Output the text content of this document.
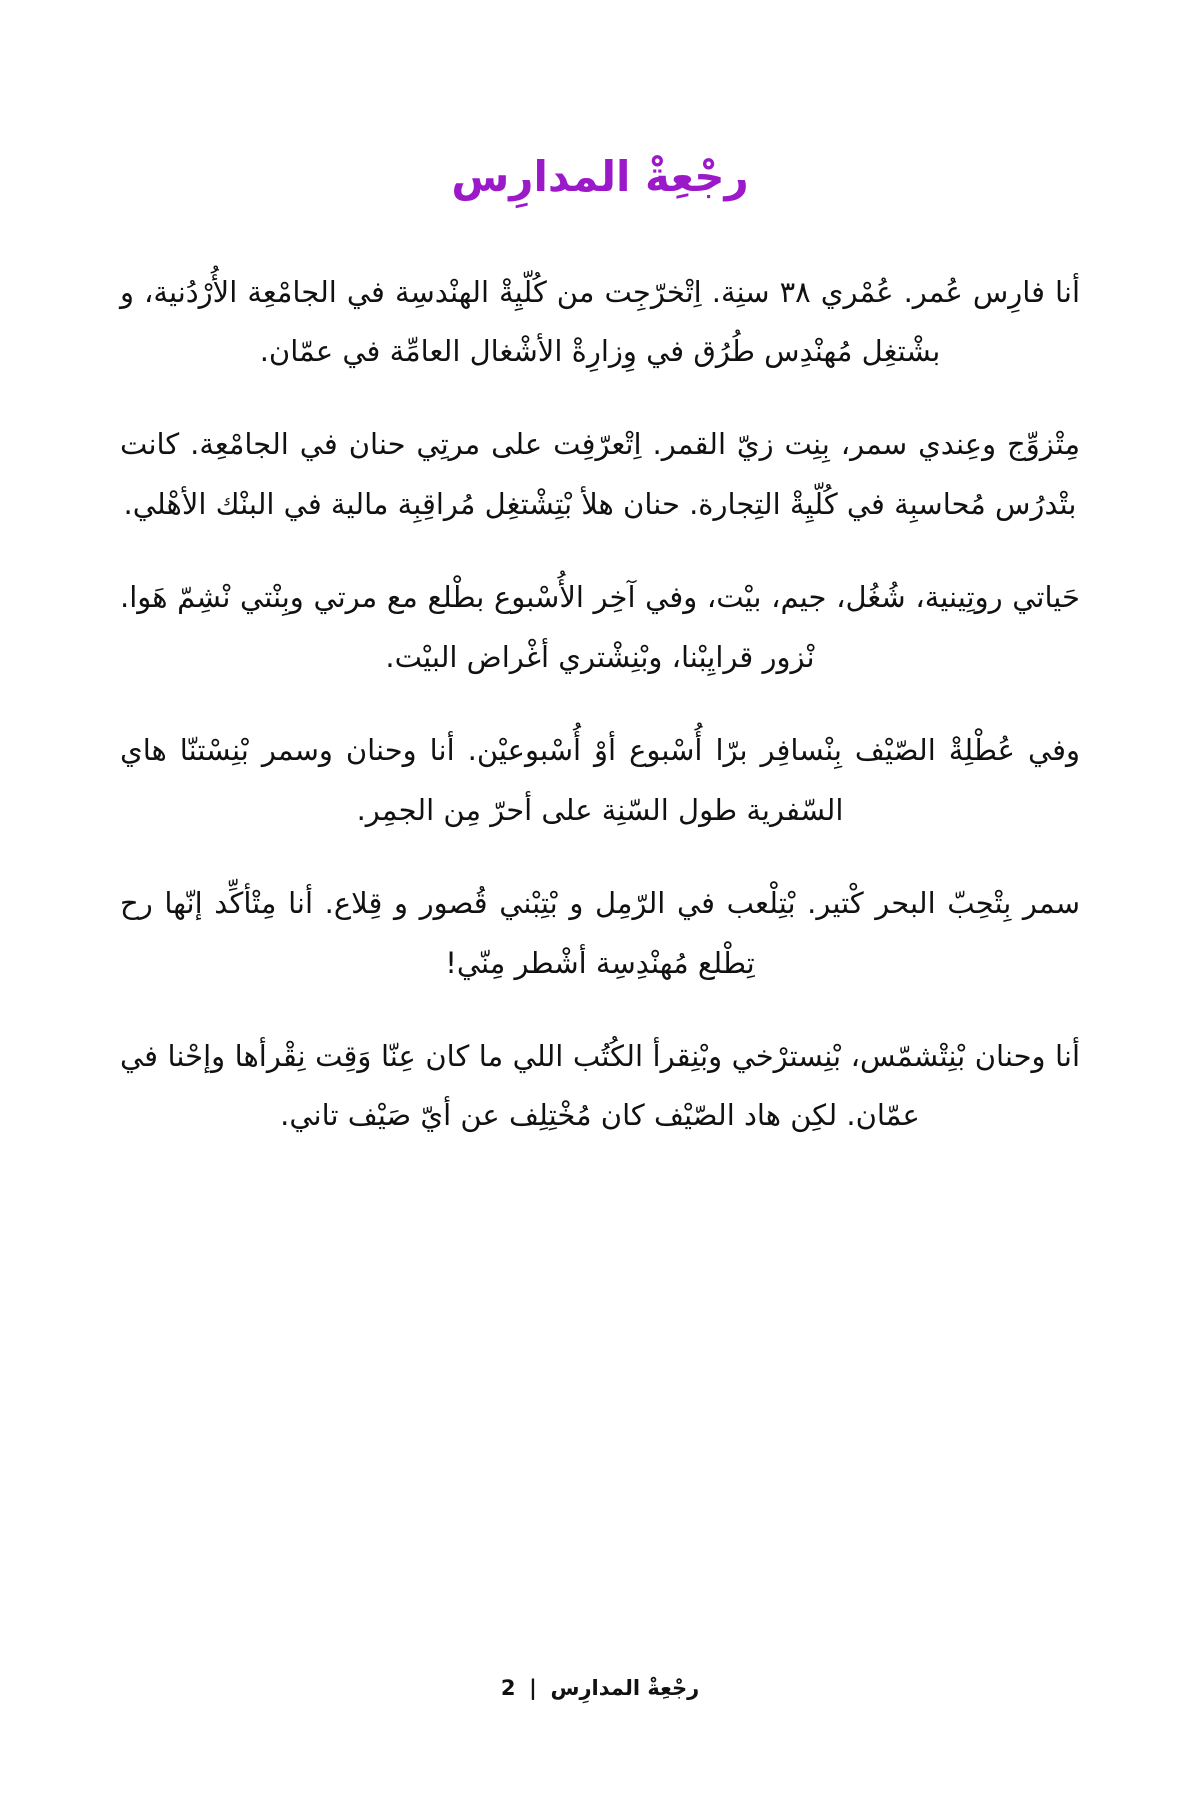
رجْعِةْ المدارِس

أنا فارِس عُمر. عُمْري ٣٨ سنِة. اِتْخرّجِت من كُلّيِةْ الهنْدسِة في الجامْعِة الأُرْدُنية، و بشْتغِل مُهنْدِس طُرُق في وِزارِةْ الأشْغال العامِّة في عمّان.

مِتْزوِّج وعِندي سمر، بِنِت زيّ القمر. اِتْعرّفِت على مرتِي حنان في الجامْعِة. كانت بتْدرُس مُحاسبِة في كُلّيِةْ التِجارة. حنان هلأ بْتِشْتغِل مُراقِبِة مالية في البنْك الأهْلي.

حَياتي روتِينية، شُغُل، جيم، بيْت، وفي آخِر الأُسْبوع بطْلع مع مرتي وبِنْتي نْشِمّ هَوا. نْزور قرايِبْنا، وبْنِشْتري أغْراض البيْت.

وفي عُطْلِةْ الصّيْف بِنْسافِر برّا أُسْبوع أوْ أُسْبوعيْن. أنا وحنان وسمر بْنِسْتنّا هاي السّفرية طول السّنِة على أحرّ مِن الجمِر.

سمر بِتْحِبّ البحر كْتير. بْتِلْعب في الرّمِل و بْتِبْني قُصور و قِلاع. أنا مِتْأكِّد إنّها رح تِطْلع مُهنْدِسِة أشْطر مِنّي!

أنا وحنان بْنِتْشمّس، بْنِسترْخي وبْنِقرأ الكُتُب اللي ما كان عِنّا وَقِت نِقْرأها وإحْنا في عمّان. لكِن هاد الصّيْف كان مُخْتِلِف عن أيّ صَيْف تاني.

رجْعِةْ المدارِس | 2
